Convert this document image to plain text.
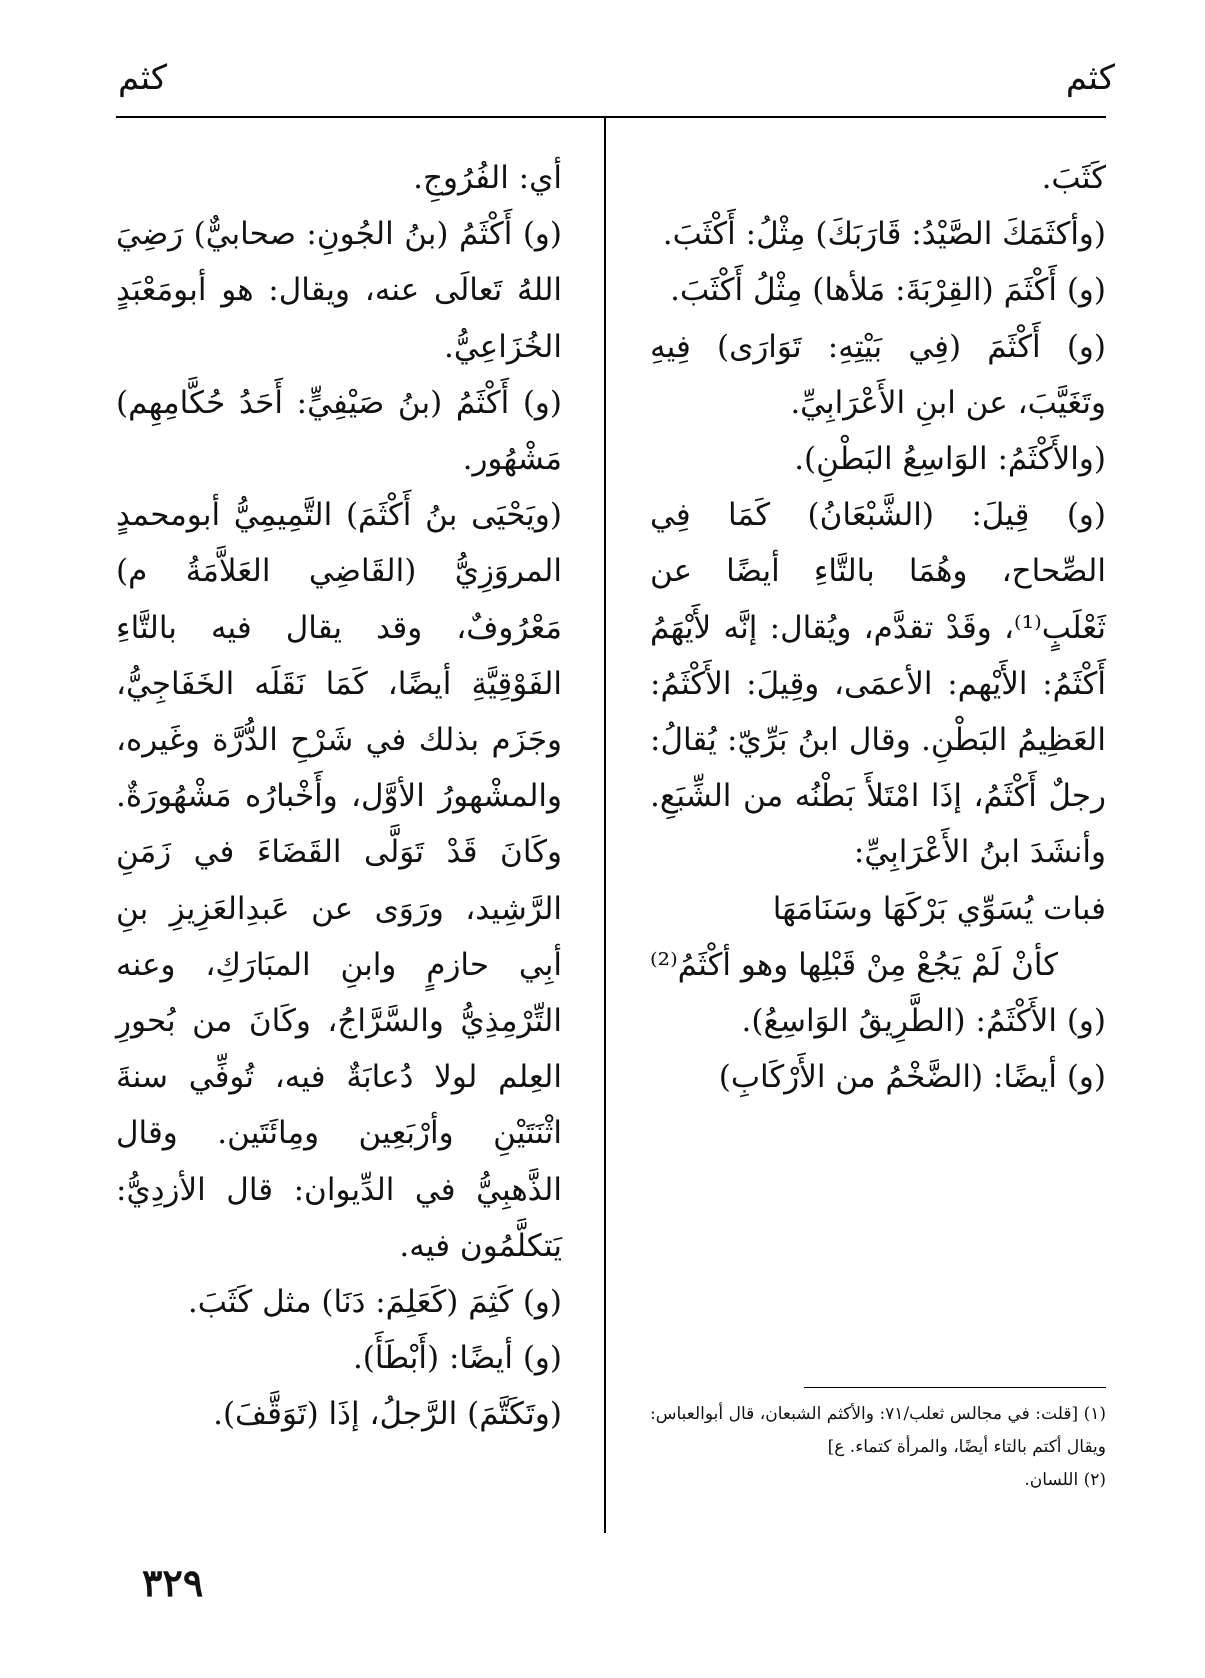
كثم
كثم

كَثَبَ.

(وأكثَمَكَ الصَّيْدُ: قَارَبَكَ) مِثْلُ: أَكْثَبَ.

(و) أَكْثَمَ (القِرْبَةَ: مَلأها) مِثْلُ أَكْثَبَ.

(و) أَكْثَمَ (فِي بَيْتِهِ: تَوَارَى) فِيهِ وتَغَيَّبَ، عن ابنِ الأَعْرَابِيِّ.

(والأَكْثَمُ: الوَاسِعُ البَطْنِ).

(و) قِيلَ: (الشَّبْعَانُ) كَمَا فِي الصِّحاح، وهُمَا بالتَّاءِ أيضًا عن ثَعْلَبٍ⁽¹⁾، وقَدْ تقدَّم، ويُقال: إنَّه لأَيْهَمُ أَكْثَمُ: الأَيْهم: الأعمَى، وقِيلَ: الأَكْثَمُ: العَظِيمُ البَطْنِ. وقال ابنُ بَرِّيّ: يُقالُ: رجلٌ أَكْثَمُ، إذَا امْتَلأَ بَطْنُه من الشِّبَعِ. وأنشَدَ ابنُ الأَعْرَابِيِّ:

فبات يُسَوِّي بَرْكَهَا وسَنَامَهَا

كأنْ لَمْ يَجُعْ مِنْ قَبْلِها وهو أكْثَمُ⁽²⁾

(و) الأَكْثَمُ: (الطَّرِيقُ الوَاسِعُ).

(و) أيضًا: (الضَّخْمُ من الأَرْكَابِ)

أي: الفُرُوجِ.

(و) أَكْثَمُ (بنُ الجُونِ: صحابيٌّ) رَضِيَ اللهُ تَعالَى عنه، ويقال: هو أبومَعْبَدٍ الخُزَاعِيُّ.

(و) أَكْثَمُ (بنُ صَيْفِيٍّ: أَحَدُ حُكَّامِهِم) مَشْهُور.

(ويَحْيَى بنُ أَكْثَمَ) التَّمِيمِيُّ أبومحمدٍ المروَزِيُّ (القَاضِي العَلاَّمَةُ م) مَعْرُوفٌ، وقد يقال فيه بالتَّاءِ الفَوْقِيَّةِ أيضًا، كَمَا نَقَلَه الخَفَاجِيُّ، وجَزَم بذلك في شَرْحِ الدُّرَّة وغَيره، والمشْهورُ الأوَّل، وأَخْبارُه مَشْهُورَةٌ. وكَانَ قَدْ تَوَلَّى القَضَاءَ في زَمَنِ الرَّشِيد، ورَوَى عن عَبدِالعَزِيزِ بنِ أبِي حازمٍ وابنِ المبَارَكِ، وعنه التِّرْمِذِيُّ والسَّرَّاجُ، وكَانَ من بُحورِ العِلم لولا دُعابَةٌ فيه، تُوفِّي سنةَ اثْنَتَيْنِ وأرْبَعِين ومِائَتَين. وقال الذَّهبِيُّ في الدِّيوان: قال الأزدِيُّ: يَتكلَّمُون فيه.

(و) كَثِمَ (كَعَلِمَ: دَنَا) مثل كَثَبَ.

(و) أيضًا: (أَبْطَأَ).

(وتَكَتَّمَ) الرَّجلُ، إذَا (تَوَقَّفَ).	(١) [قلت: في مجالس ثعلب/٧١: والأكثم الشبعان، قال أبوالعباس: ويقال أكتم بالتاء أيضًا، والمرأة كتماء. ع]

(٢) اللسان.

٣٢٩
